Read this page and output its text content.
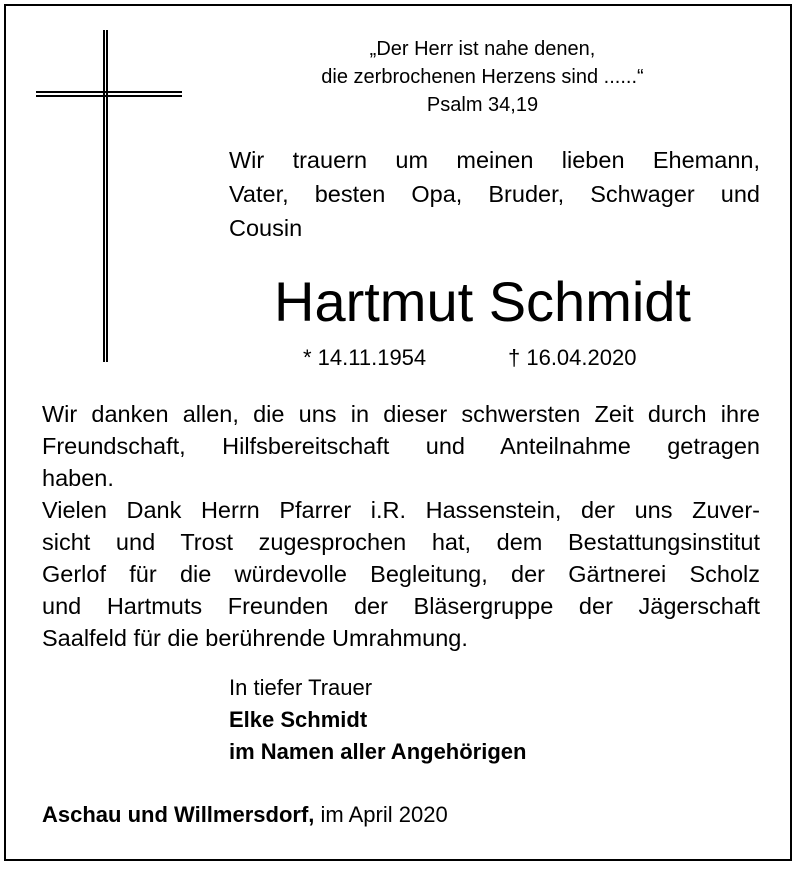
„Der Herr ist nahe denen,
die zerbrochenen Herzens sind ......“
Psalm 34,19
Wir trauern um meinen lieben Ehemann,
Vater, besten Opa, Bruder, Schwager und
Cousin
Hartmut Schmidt
* 14.11.1954	† 16.04.2020
Wir danken allen, die uns in dieser schwersten Zeit durch ihre
Freundschaft, Hilfsbereitschaft und Anteilnahme getragen
haben.
Vielen Dank Herrn Pfarrer i.R. Hassenstein, der uns Zuver-
sicht und Trost zugesprochen hat, dem Bestattungsinstitut
Gerlof für die würdevolle Begleitung, der Gärtnerei Scholz
und Hartmuts Freunden der Bläsergruppe der Jägerschaft
Saalfeld für die berührende Umrahmung.
In tiefer Trauer
Elke Schmidt
im Namen aller Angehörigen
Aschau und Willmersdorf, im April 2020
